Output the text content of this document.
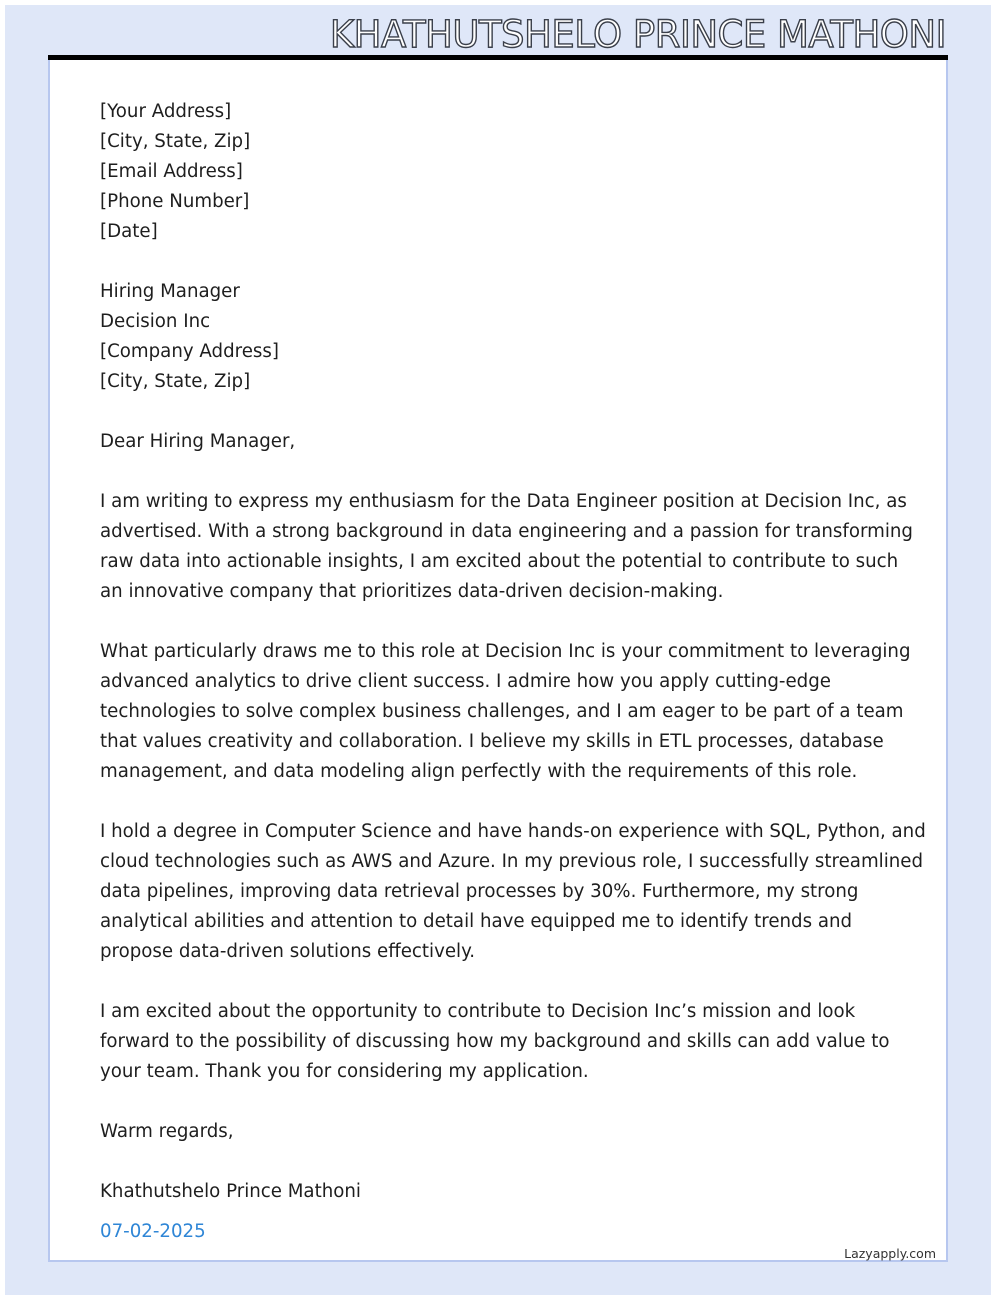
KHATHUTSHELO PRINCE MATHONI
[Your Address]
[City, State, Zip]
[Email Address]
[Phone Number]
[Date]
Hiring Manager
Decision Inc
[Company Address]
[City, State, Zip]
Dear Hiring Manager,

I am writing to express my enthusiasm for the Data Engineer position at Decision Inc, as
advertised. With a strong background in data engineering and a passion for transforming
raw data into actionable insights, I am excited about the potential to contribute to such
an innovative company that prioritizes data-driven decision-making.

What particularly draws me to this role at Decision Inc is your commitment to leveraging
advanced analytics to drive client success. I admire how you apply cutting-edge
technologies to solve complex business challenges, and I am eager to be part of a team
that values creativity and collaboration. I believe my skills in ETL processes, database
management, and data modeling align perfectly with the requirements of this role.

I hold a degree in Computer Science and have hands-on experience with SQL, Python, and
cloud technologies such as AWS and Azure. In my previous role, I successfully streamlined
data pipelines, improving data retrieval processes by 30%. Furthermore, my strong
analytical abilities and attention to detail have equipped me to identify trends and
propose data-driven solutions effectively.

I am excited about the opportunity to contribute to Decision Inc’s mission and look
forward to the possibility of discussing how my background and skills can add value to
your team. Thank you for considering my application.

Warm regards,
Khathutshelo Prince Mathoni
07-02-2025
Lazyapply.com
